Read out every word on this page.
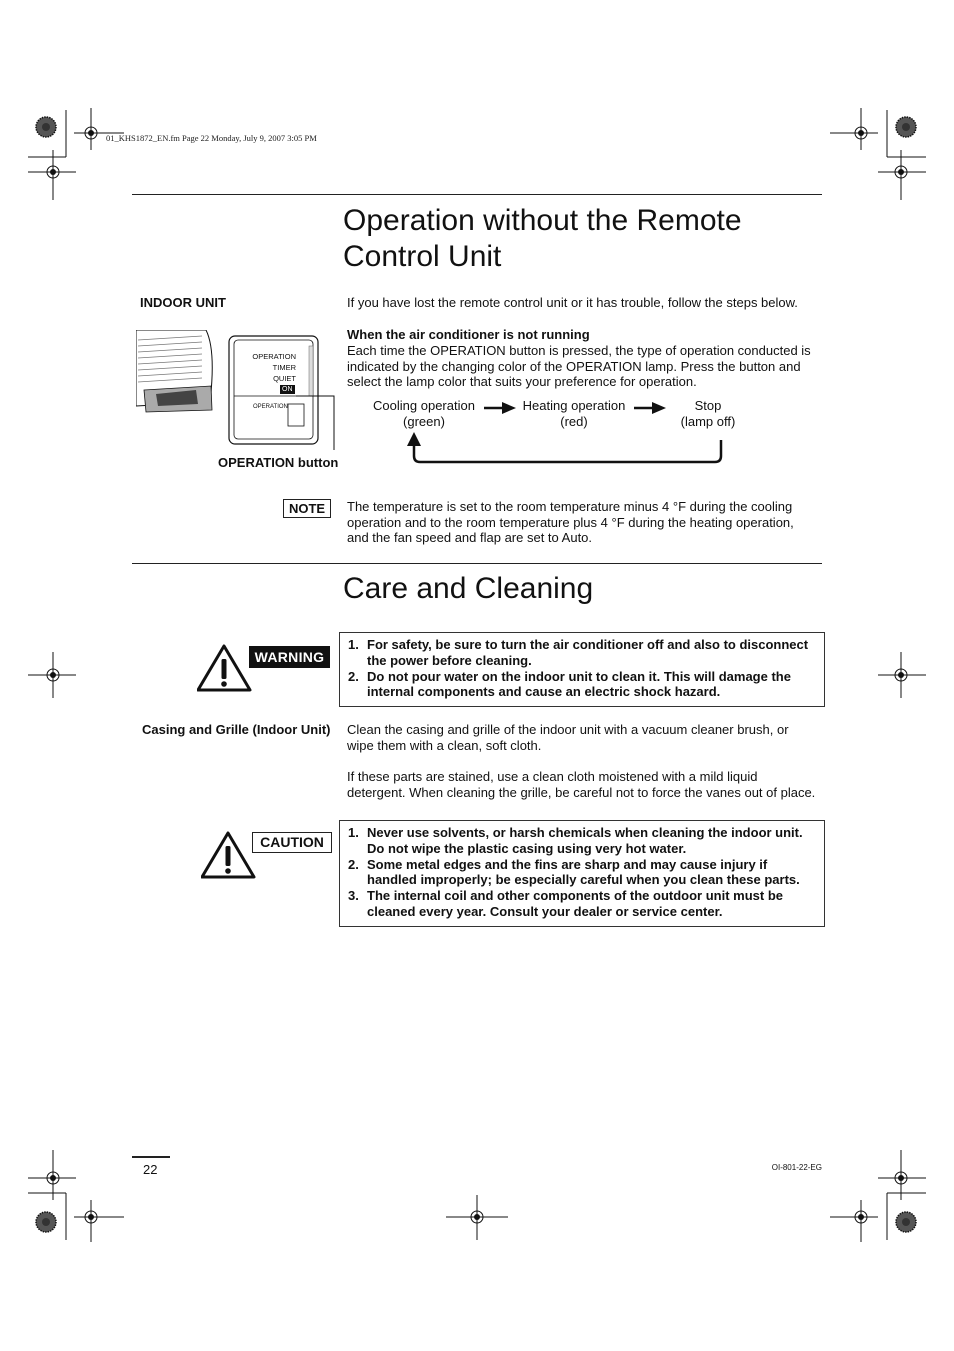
01_KHS1872_EN.fm Page 22 Monday, July 9, 2007 3:05 PM
Operation without the Remote
Control Unit
INDOOR UNIT	If you have lost the remote control unit or it has trouble, follow the steps below.
When the air conditioner is not running
Each time the OPERATION button is pressed, the type of operation conducted is
indicated by the changing color of the OPERATION lamp. Press the button and
select the lamp color that suits your preference for operation.
OPERATION
TIMER
QUIET
ON
OPERATION
OPERATION button
Cooling operation
(green)
Heating operation
(red)
Stop
(lamp off)
NOTE	The temperature is set to the room temperature minus 4 °F during the cooling
operation and to the room temperature plus 4 °F during the heating operation,
and the fan speed and flap are set to Auto.
Care and Cleaning
WARNING
1. For safety, be sure to turn the air conditioner off and also to disconnect
the power before cleaning.
2. Do not pour water on the indoor unit to clean it. This will damage the
internal components and cause an electric shock hazard.
Casing and Grille (Indoor Unit) Clean the casing and grille of the indoor unit with a vacuum cleaner brush, or
wipe them with a clean, soft cloth.
If these parts are stained, use a clean cloth moistened with a mild liquid
detergent. When cleaning the grille, be careful not to force the vanes out of place.
CAUTION
1. Never use solvents, or harsh chemicals when cleaning the indoor unit.
Do not wipe the plastic casing using very hot water.
2. Some metal edges and the fins are sharp and may cause injury if
handled improperly; be especially careful when you clean these parts.
3. The internal coil and other components of the outdoor unit must be
cleaned every year. Consult your dealer or service center.
22	OI-801-22-EG
